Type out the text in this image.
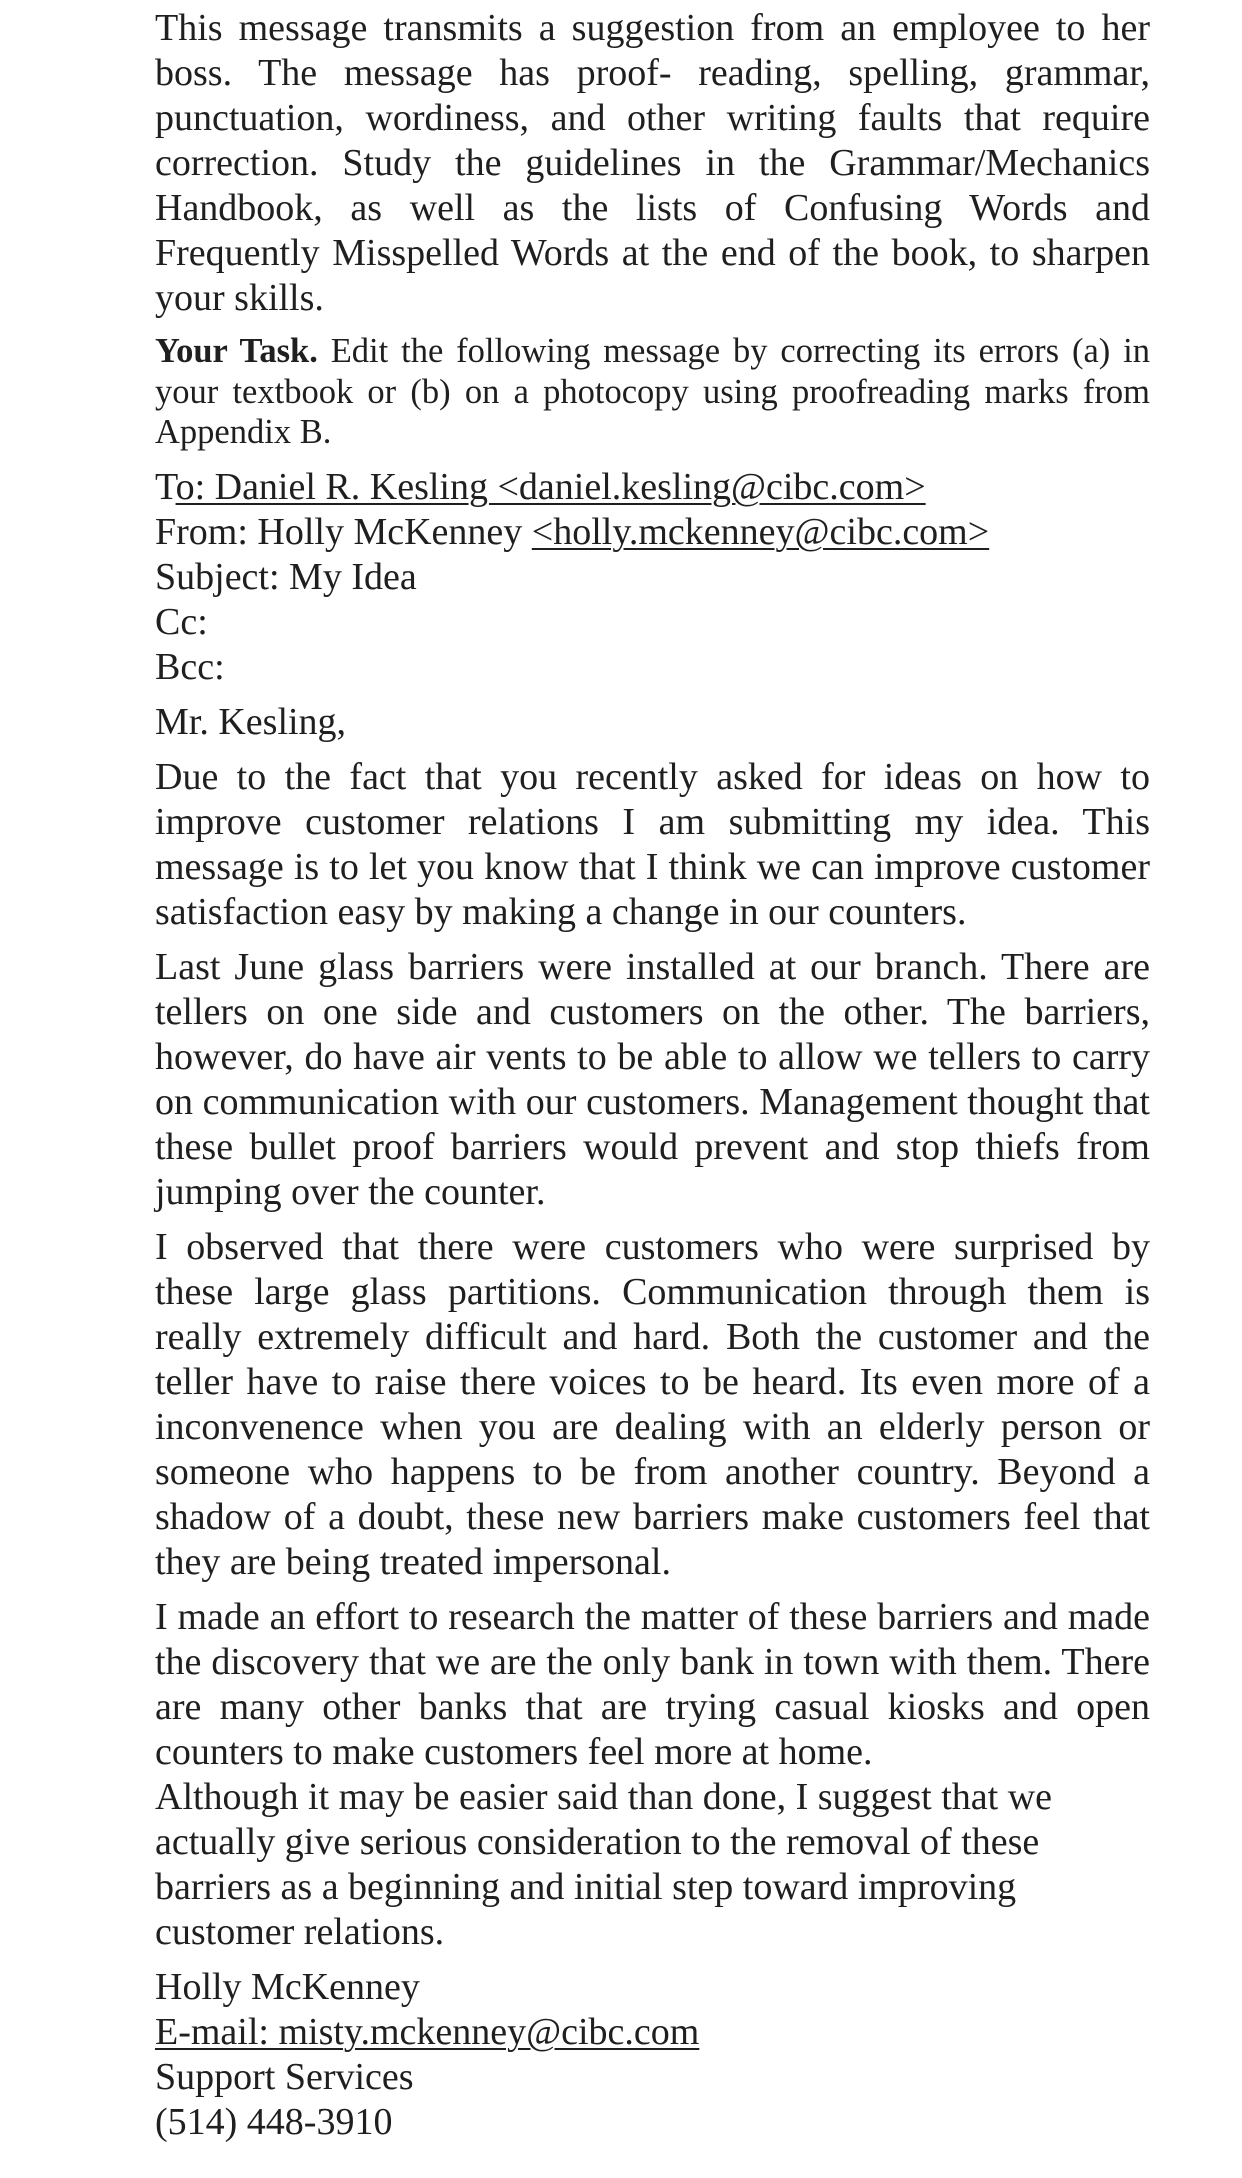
This message transmits a suggestion from an employee to her boss. The message has proof- reading, spelling, grammar, punctuation, wordiness, and other writing faults that require correction. Study the guidelines in the Grammar/Mechanics Handbook, as well as the lists of Confusing Words and Frequently Misspelled Words at the end of the book, to sharpen your skills.

Your Task. Edit the following message by correcting its errors (a) in your textbook or (b) on a photocopy using proofreading marks from Appendix B.

To: Daniel R. Kesling <daniel.kesling@cibc.com>
From: Holly McKenney <holly.mckenney@cibc.com>
Subject: My Idea
Cc:
Bcc:
Mr. Kesling,

Due to the fact that you recently asked for ideas on how to improve customer relations I am submitting my idea. This message is to let you know that I think we can improve customer satisfaction easy by making a change in our counters.

Last June glass barriers were installed at our branch. There are tellers on one side and customers on the other. The barriers, however, do have air vents to be able to allow we tellers to carry on communication with our customers. Management thought that these bullet proof barriers would prevent and stop thiefs from jumping over the counter.

I observed that there were customers who were surprised by these large glass partitions. Communication through them is really extremely difficult and hard. Both the customer and the teller have to raise there voices to be heard. Its even more of a inconvenence when you are dealing with an elderly person or someone who happens to be from another country. Beyond a shadow of a doubt, these new barriers make customers feel that they are being treated impersonal.

I made an effort to research the matter of these barriers and made the discovery that we are the only bank in town with them. There are many other banks that are trying casual kiosks and open counters to make customers feel more at home.

Although it may be easier said than done, I suggest that we actually give serious consideration to the removal of these barriers as a beginning and initial step toward improving customer relations.

Holly McKenney
E-mail: misty.mckenney@cibc.com
Support Services
(514) 448-3910
